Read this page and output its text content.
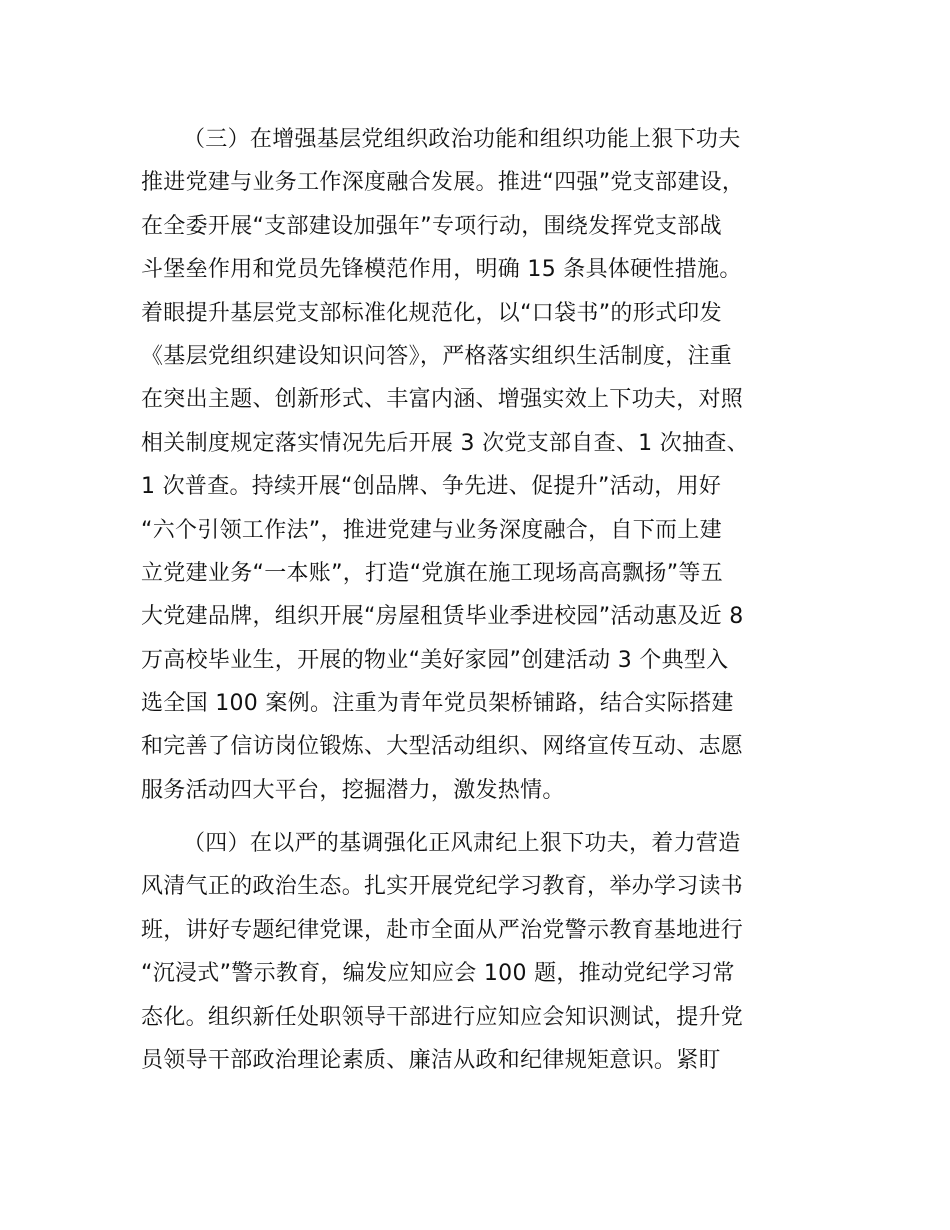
（三）在增强基层党组织政治功能和组织功能上狠下功夫
推进党建与业务工作深度融合发展。推进“四强”党支部建设，
在全委开展“支部建设加强年”专项行动，围绕发挥党支部战
斗堡垒作用和党员先锋模范作用，明确 15 条具体硬性措施。
着眼提升基层党支部标准化规范化，以“口袋书”的形式印发
《基层党组织建设知识问答》，严格落实组织生活制度，注重
在突出主题、创新形式、丰富内涵、增强实效上下功夫，对照
相关制度规定落实情况先后开展 3 次党支部自查、1 次抽查、
1 次普查。持续开展“创品牌、争先进、促提升”活动，用好
“六个引领工作法”，推进党建与业务深度融合，自下而上建
立党建业务“一本账”，打造“党旗在施工现场高高飘扬”等五
大党建品牌，组织开展“房屋租赁毕业季进校园”活动惠及近 8
万高校毕业生，开展的物业“美好家园”创建活动 3 个典型入
选全国 100 案例。注重为青年党员架桥铺路，结合实际搭建
和完善了信访岗位锻炼、大型活动组织、网络宣传互动、志愿
服务活动四大平台，挖掘潜力，激发热情。
（四）在以严的基调强化正风肃纪上狠下功夫，着力营造
风清气正的政治生态。扎实开展党纪学习教育，举办学习读书
班，讲好专题纪律党课，赴市全面从严治党警示教育基地进行
“沉浸式”警示教育，编发应知应会 100 题，推动党纪学习常
态化。组织新任处职领导干部进行应知应会知识测试，提升党
员领导干部政治理论素质、廉洁从政和纪律规矩意识。紧盯
